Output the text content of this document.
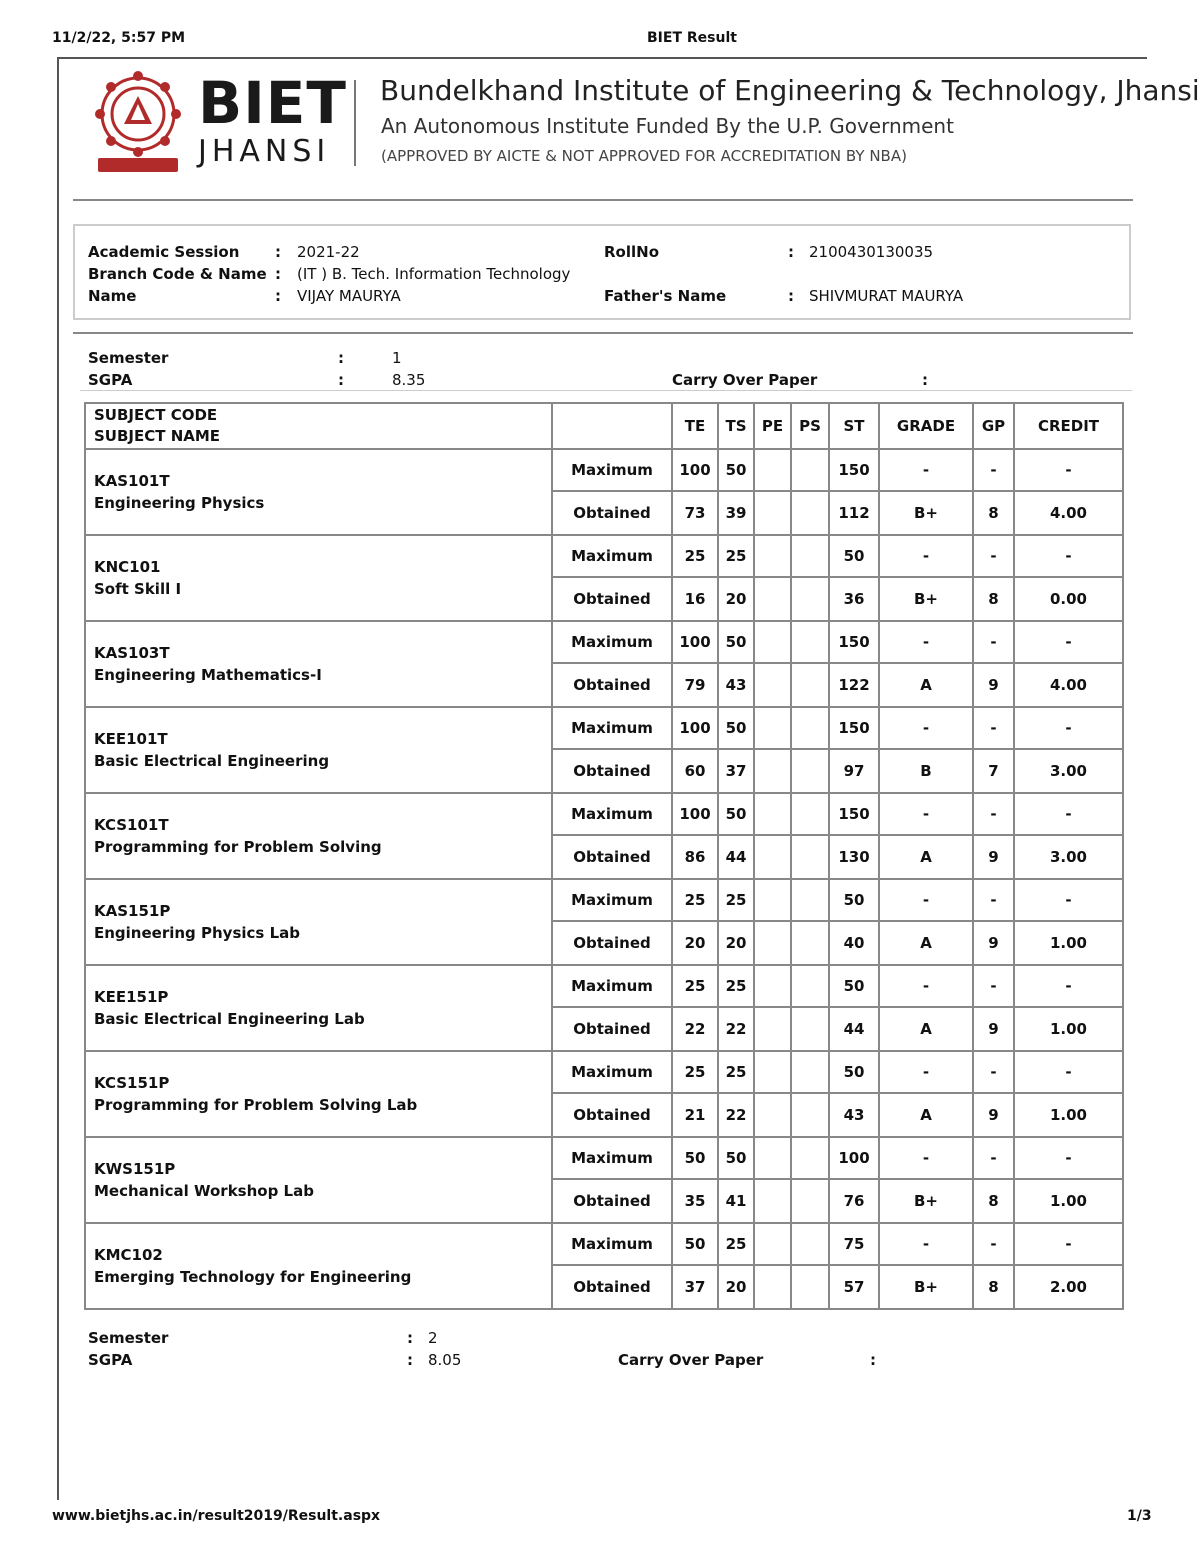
11/2/22, 5:57 PM	BIET Result
BIET
JHANSI
Bundelkhand Institute of Engineering & Technology, Jhansi
An Autonomous Institute Funded By the U.P. Government
(APPROVED BY AICTE & NOT APPROVED FOR ACCREDITATION BY NBA)
Academic Session : 2021-22
Branch Code & Name : (IT ) B. Tech. Information Technology
Name	: VIJAY MAURYA
RollNo	: 2100430130035
Father's Name	: SHIVMURAT MAURYA
Semester	:	1
SGPA	:	8.35	Carry Over Paper	:
SUBJECT CODE
SUBJECT NAME		TE	TS	PE	PS	ST	GRADE	GP	CREDIT

KAS101T
Engineering Physics	Maximum	100	50			150	-	-	-
	Obtained	73	39			112	B+	8	4.00

KNC101
Soft Skill I	Maximum	25	25			50	-	-	-
	Obtained	16	20			36	B+	8	0.00

KAS103T
Engineering Mathematics-I	Maximum	100	50			150	-	-	-
	Obtained	79	43			122	A	9	4.00

KEE101T
Basic Electrical Engineering	Maximum	100	50			150	-	-	-
	Obtained	60	37			97	B	7	3.00

KCS101T
Programming for Problem Solving	Maximum	100	50			150	-	-	-
	Obtained	86	44			130	A	9	3.00

KAS151P
Engineering Physics Lab	Maximum	25	25			50	-	-	-
	Obtained	20	20			40	A	9	1.00

KEE151P
Basic Electrical Engineering Lab	Maximum	25	25			50	-	-	-
	Obtained	22	22			44	A	9	1.00

KCS151P
Programming for Problem Solving Lab	Maximum	25	25			50	-	-	-
	Obtained	21	22			43	A	9	1.00

KWS151P
Mechanical Workshop Lab	Maximum	50	50			100	-	-	-
	Obtained	35	41			76	B+	8	1.00

KMC102
Emerging Technology for Engineering	Maximum	50	25			75	-	-	-
	Obtained	37	20			57	B+	8	2.00
Semester	: 2
SGPA	: 8.05	Carry Over Paper	:
www.bietjhs.ac.in/result2019/Result.aspx	1/3
